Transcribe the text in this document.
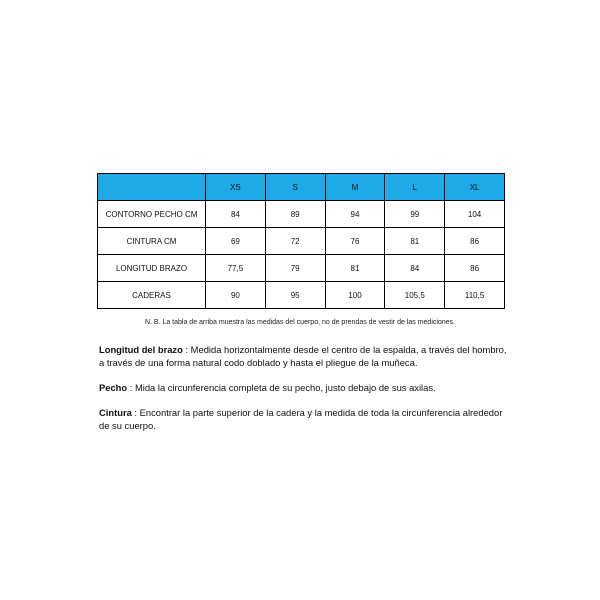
	XS	S	M	L	XL
CONTORNO PECHO CM	84	89	94	99	104
CINTURA CM	69	72	76	81	86
LONGITUD BRAZO	77,5	79	81	84	86
CADERAS	90	95	100	105,5	110,5
N. B. La tabla de arriba muestra las medidas del cuerpo, no de prendas de vestir de las mediciones.

Longitud del brazo : Medida horizontalmente desde el centro de la espalda, a través del hombro, a través de una forma natural codo doblado y hasta el pliegue de la muñeca.

Pecho : Mida la circunferencia completa de su pecho, justo debajo de sus axilas.

Cintura : Encontrar la parte superior de la cadera y la medida de toda la circunferencia alrededor de su cuerpo.
